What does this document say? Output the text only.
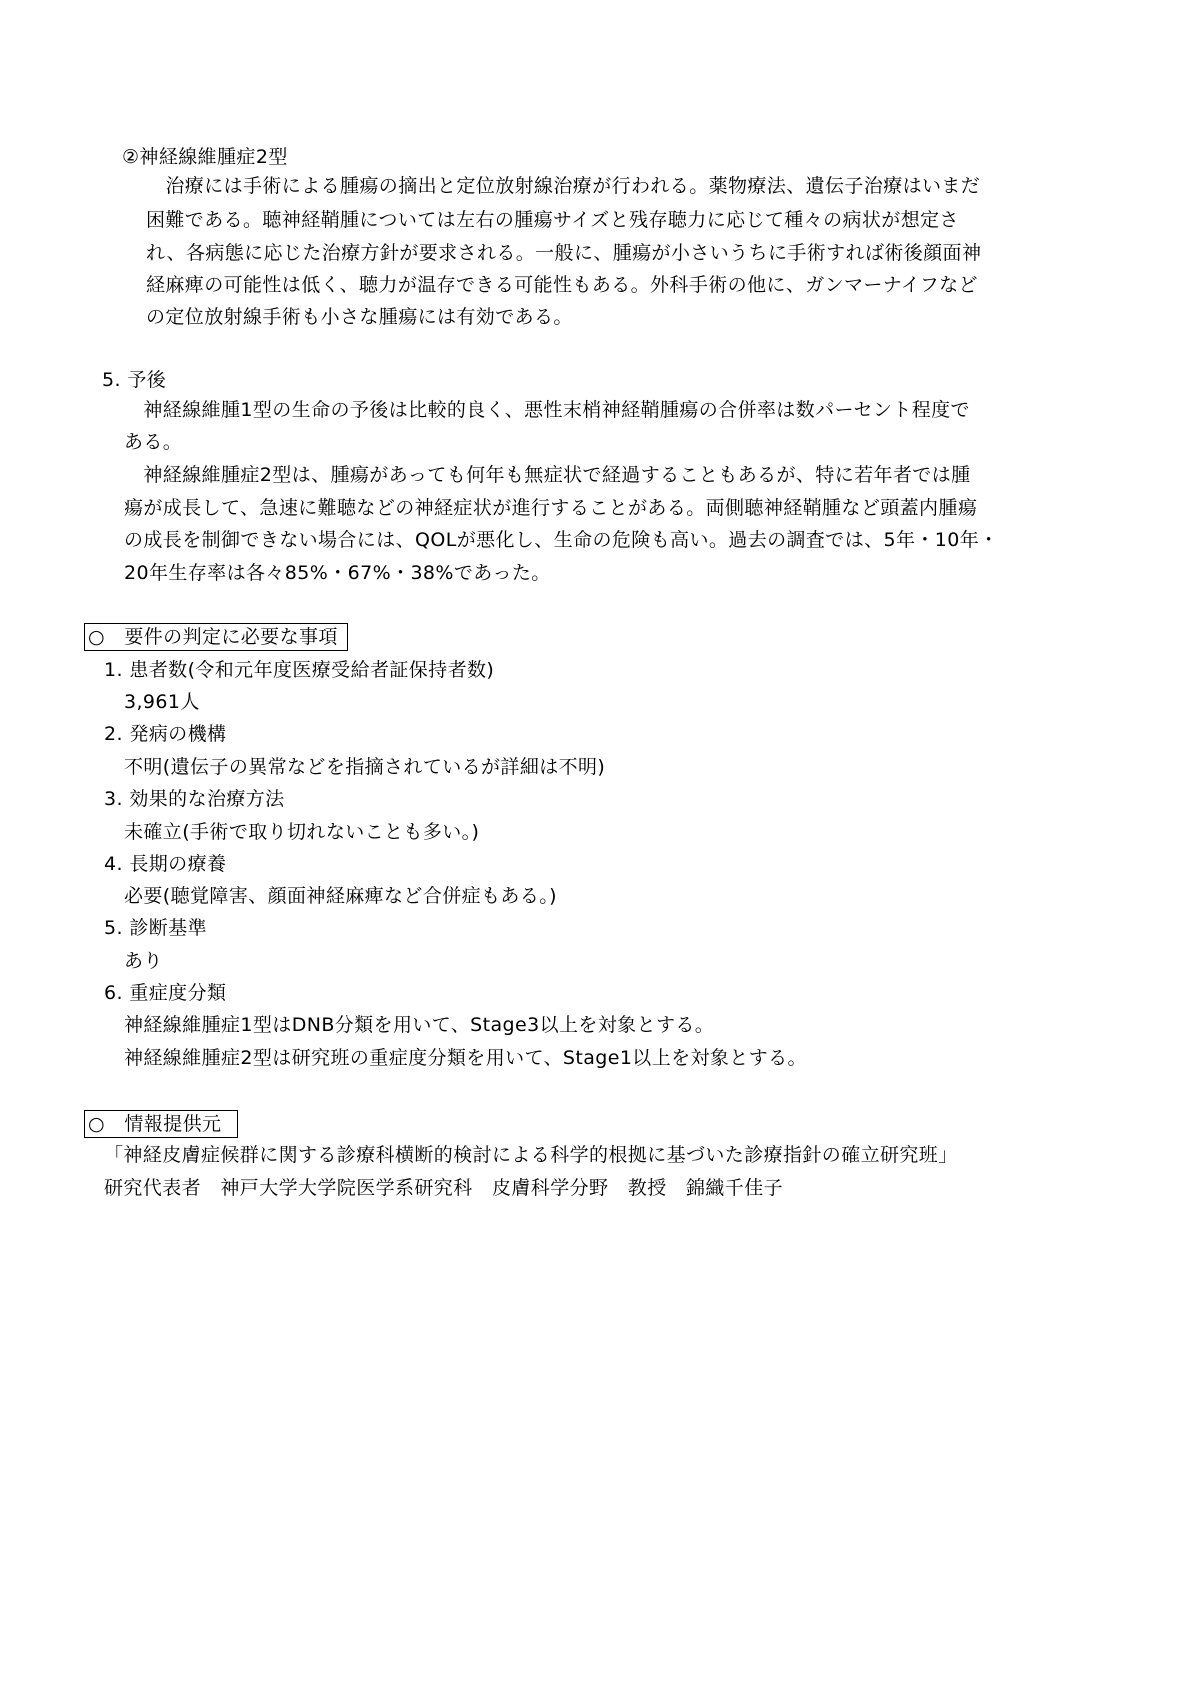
②神経線維腫症2型
　治療には手術による腫瘍の摘出と定位放射線治療が行われる。薬物療法、遺伝子治療はいまだ
困難である。聴神経鞘腫については左右の腫瘍サイズと残存聴力に応じて種々の病状が想定さ
れ、各病態に応じた治療方針が要求される。一般に、腫瘍が小さいうちに手術すれば術後顔面神
経麻痺の可能性は低く、聴力が温存できる可能性もある。外科手術の他に、ガンマーナイフなど
の定位放射線手術も小さな腫瘍には有効である。
5. 予後
　神経線維腫1型の生命の予後は比較的良く、悪性末梢神経鞘腫瘍の合併率は数パーセント程度で
ある。
　神経線維腫症2型は、腫瘍があっても何年も無症状で経過することもあるが、特に若年者では腫
瘍が成長して、急速に難聴などの神経症状が進行することがある。両側聴神経鞘腫など頭蓋内腫瘍
の成長を制御できない場合には、QOLが悪化し、生命の危険も高い。過去の調査では、5年・10年・
20年生存率は各々85%・67%・38%であった。
○　要件の判定に必要な事項
1. 患者数(令和元年度医療受給者証保持者数)
3,961人
2. 発病の機構
不明(遺伝子の異常などを指摘されているが詳細は不明)
3. 効果的な治療方法
未確立(手術で取り切れないことも多い。)
4. 長期の療養
必要(聴覚障害、顔面神経麻痺など合併症もある。)
5. 診断基準
あり
6. 重症度分類
神経線維腫症1型はDNB分類を用いて、Stage3以上を対象とする。
神経線維腫症2型は研究班の重症度分類を用いて、Stage1以上を対象とする。
○　情報提供元
「神経皮膚症候群に関する診療科横断的検討による科学的根拠に基づいた診療指針の確立研究班」
研究代表者　神戸大学大学院医学系研究科　皮膚科学分野　教授　錦織千佳子
